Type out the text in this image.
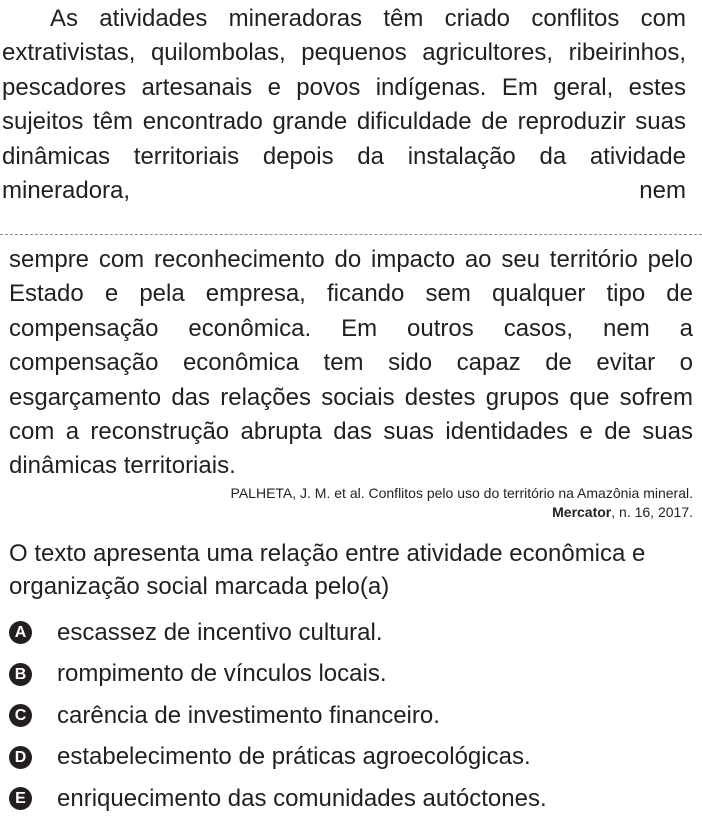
As atividades mineradoras têm criado conflitos com extrativistas, quilombolas, pequenos agricultores, ribeirinhos, pescadores artesanais e povos indígenas. Em geral, estes sujeitos têm encontrado grande dificuldade de reproduzir suas dinâmicas territoriais depois da instalação da atividade mineradora, nem

sempre com reconhecimento do impacto ao seu território pelo Estado e pela empresa, ficando sem qualquer tipo de compensação econômica. Em outros casos, nem a compensação econômica tem sido capaz de evitar o esgarçamento das relações sociais destes grupos que sofrem com a reconstrução abrupta das suas identidades e de suas dinâmicas territoriais.

PALHETA, J. M. et al. Conflitos pelo uso do território na Amazônia mineral.
Mercator, n. 16, 2017.

O texto apresenta uma relação entre atividade econômica e organização social marcada pelo(a)

A escassez de incentivo cultural.
B rompimento de vínculos locais.
C carência de investimento financeiro.
D estabelecimento de práticas agroecológicas.
E enriquecimento das comunidades autóctones.
